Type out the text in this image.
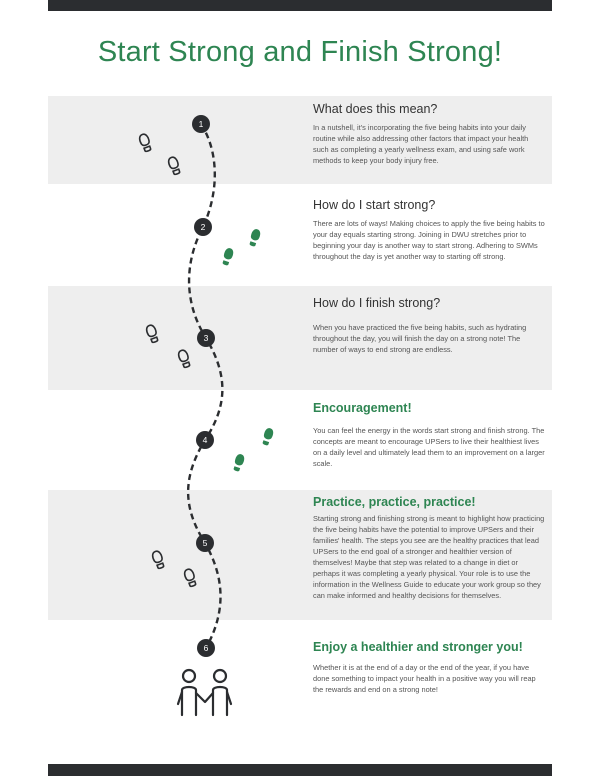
Start Strong and Finish Strong!
1
2
3
4
5
6
What does this mean?

In a nutshell, it's incorporating the five being habits into your daily routine while also addressing other factors that impact your health such as completing a yearly wellness exam, and using safe work methods to keep your body injury free.

How do I start strong?

There are lots of ways! Making choices to apply the five being habits to your day equals starting strong. Joining in DWU stretches prior to beginning your day is another way to start strong. Adhering to SWMs throughout the day is yet another way to starting off strong.

How do I finish strong?

When you have practiced the five being habits, such as hydrating throughout the day, you will finish the day on a strong note! The number of ways to end strong are endless.

Encouragement!

You can feel the energy in the words start strong and finish strong. The concepts are meant to encourage UPSers to live their healthiest lives on a daily level and ultimately lead them to an improvement on a larger scale.

Practice, practice, practice!

Starting strong and finishing strong is meant to highlight how practicing the five being habits have the potential to improve UPSers and their families' health. The steps you see are the healthy practices that lead UPSers to the end goal of a stronger and healthier version of themselves! Maybe that step was related to a change in diet or perhaps it was completing a yearly physical. Your role is to use the information in the Wellness Guide to educate your work group so they can make informed and healthy decisions for themselves.

Enjoy a healthier and stronger you!

Whether it is at the end of a day or the end of the year, if you have done something to impact your health in a positive way you will reap the rewards and end on a strong note!
